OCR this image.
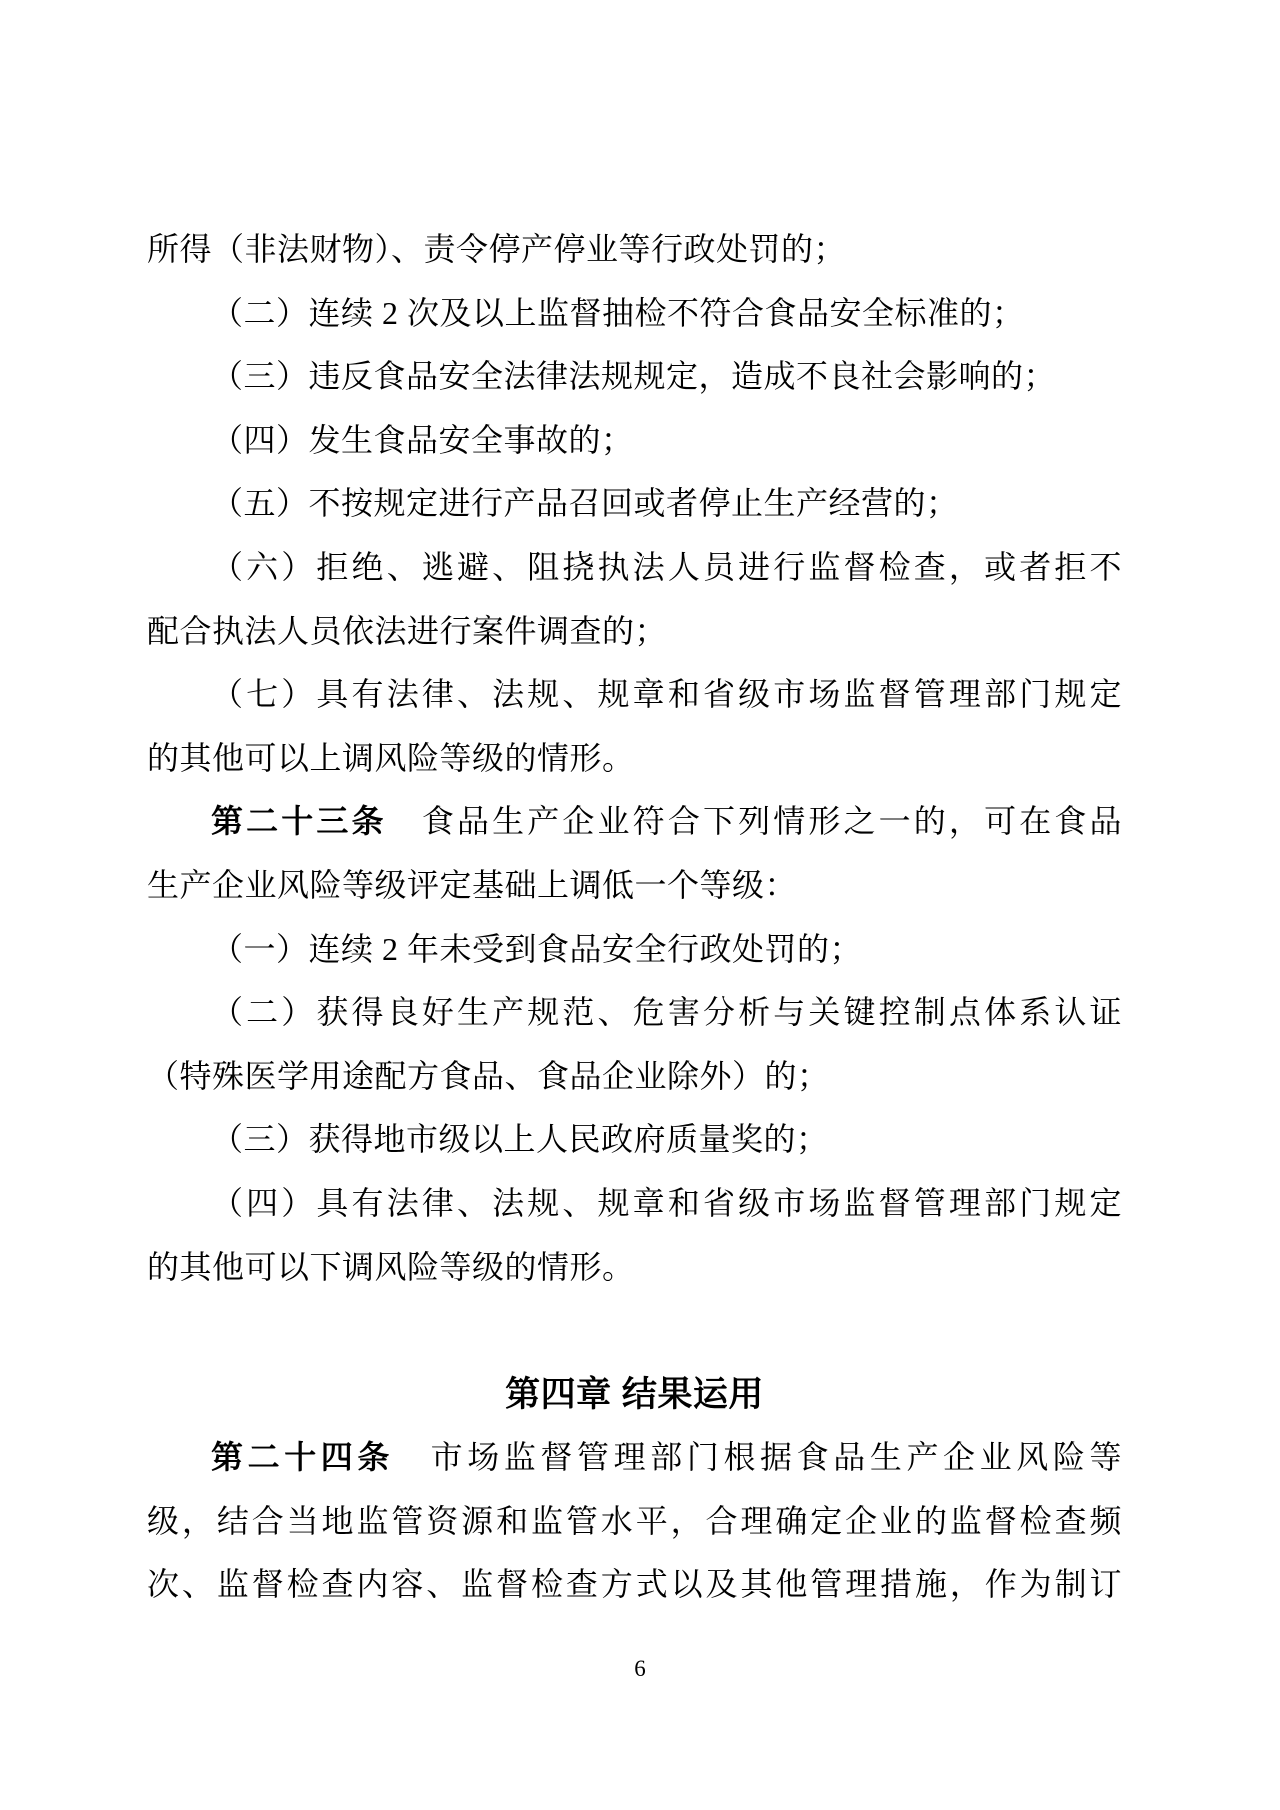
所得（非法财物）、责令停产停业等行政处罚的；
（二）连续 2 次及以上监督抽检不符合食品安全标准的；
（三）违反食品安全法律法规规定，造成不良社会影响的；
（四）发生食品安全事故的；
（五）不按规定进行产品召回或者停止生产经营的；
（六）拒绝、逃避、阻挠执法人员进行监督检查，或者拒不
配合执法人员依法进行案件调查的；
（七）具有法律、法规、规章和省级市场监督管理部门规定
的其他可以上调风险等级的情形。
第二十三条　食品生产企业符合下列情形之一的，可在食品
生产企业风险等级评定基础上调低一个等级：
（一）连续 2 年未受到食品安全行政处罚的；
（二）获得良好生产规范、危害分析与关键控制点体系认证
（特殊医学用途配方食品、食品企业除外）的；
（三）获得地市级以上人民政府质量奖的；
（四）具有法律、法规、规章和省级市场监督管理部门规定
的其他可以下调风险等级的情形。
第四章 结果运用
第二十四条　市场监督管理部门根据食品生产企业风险等
级，结合当地监管资源和监管水平，合理确定企业的监督检查频
次、监督检查内容、监督检查方式以及其他管理措施，作为制订
6
